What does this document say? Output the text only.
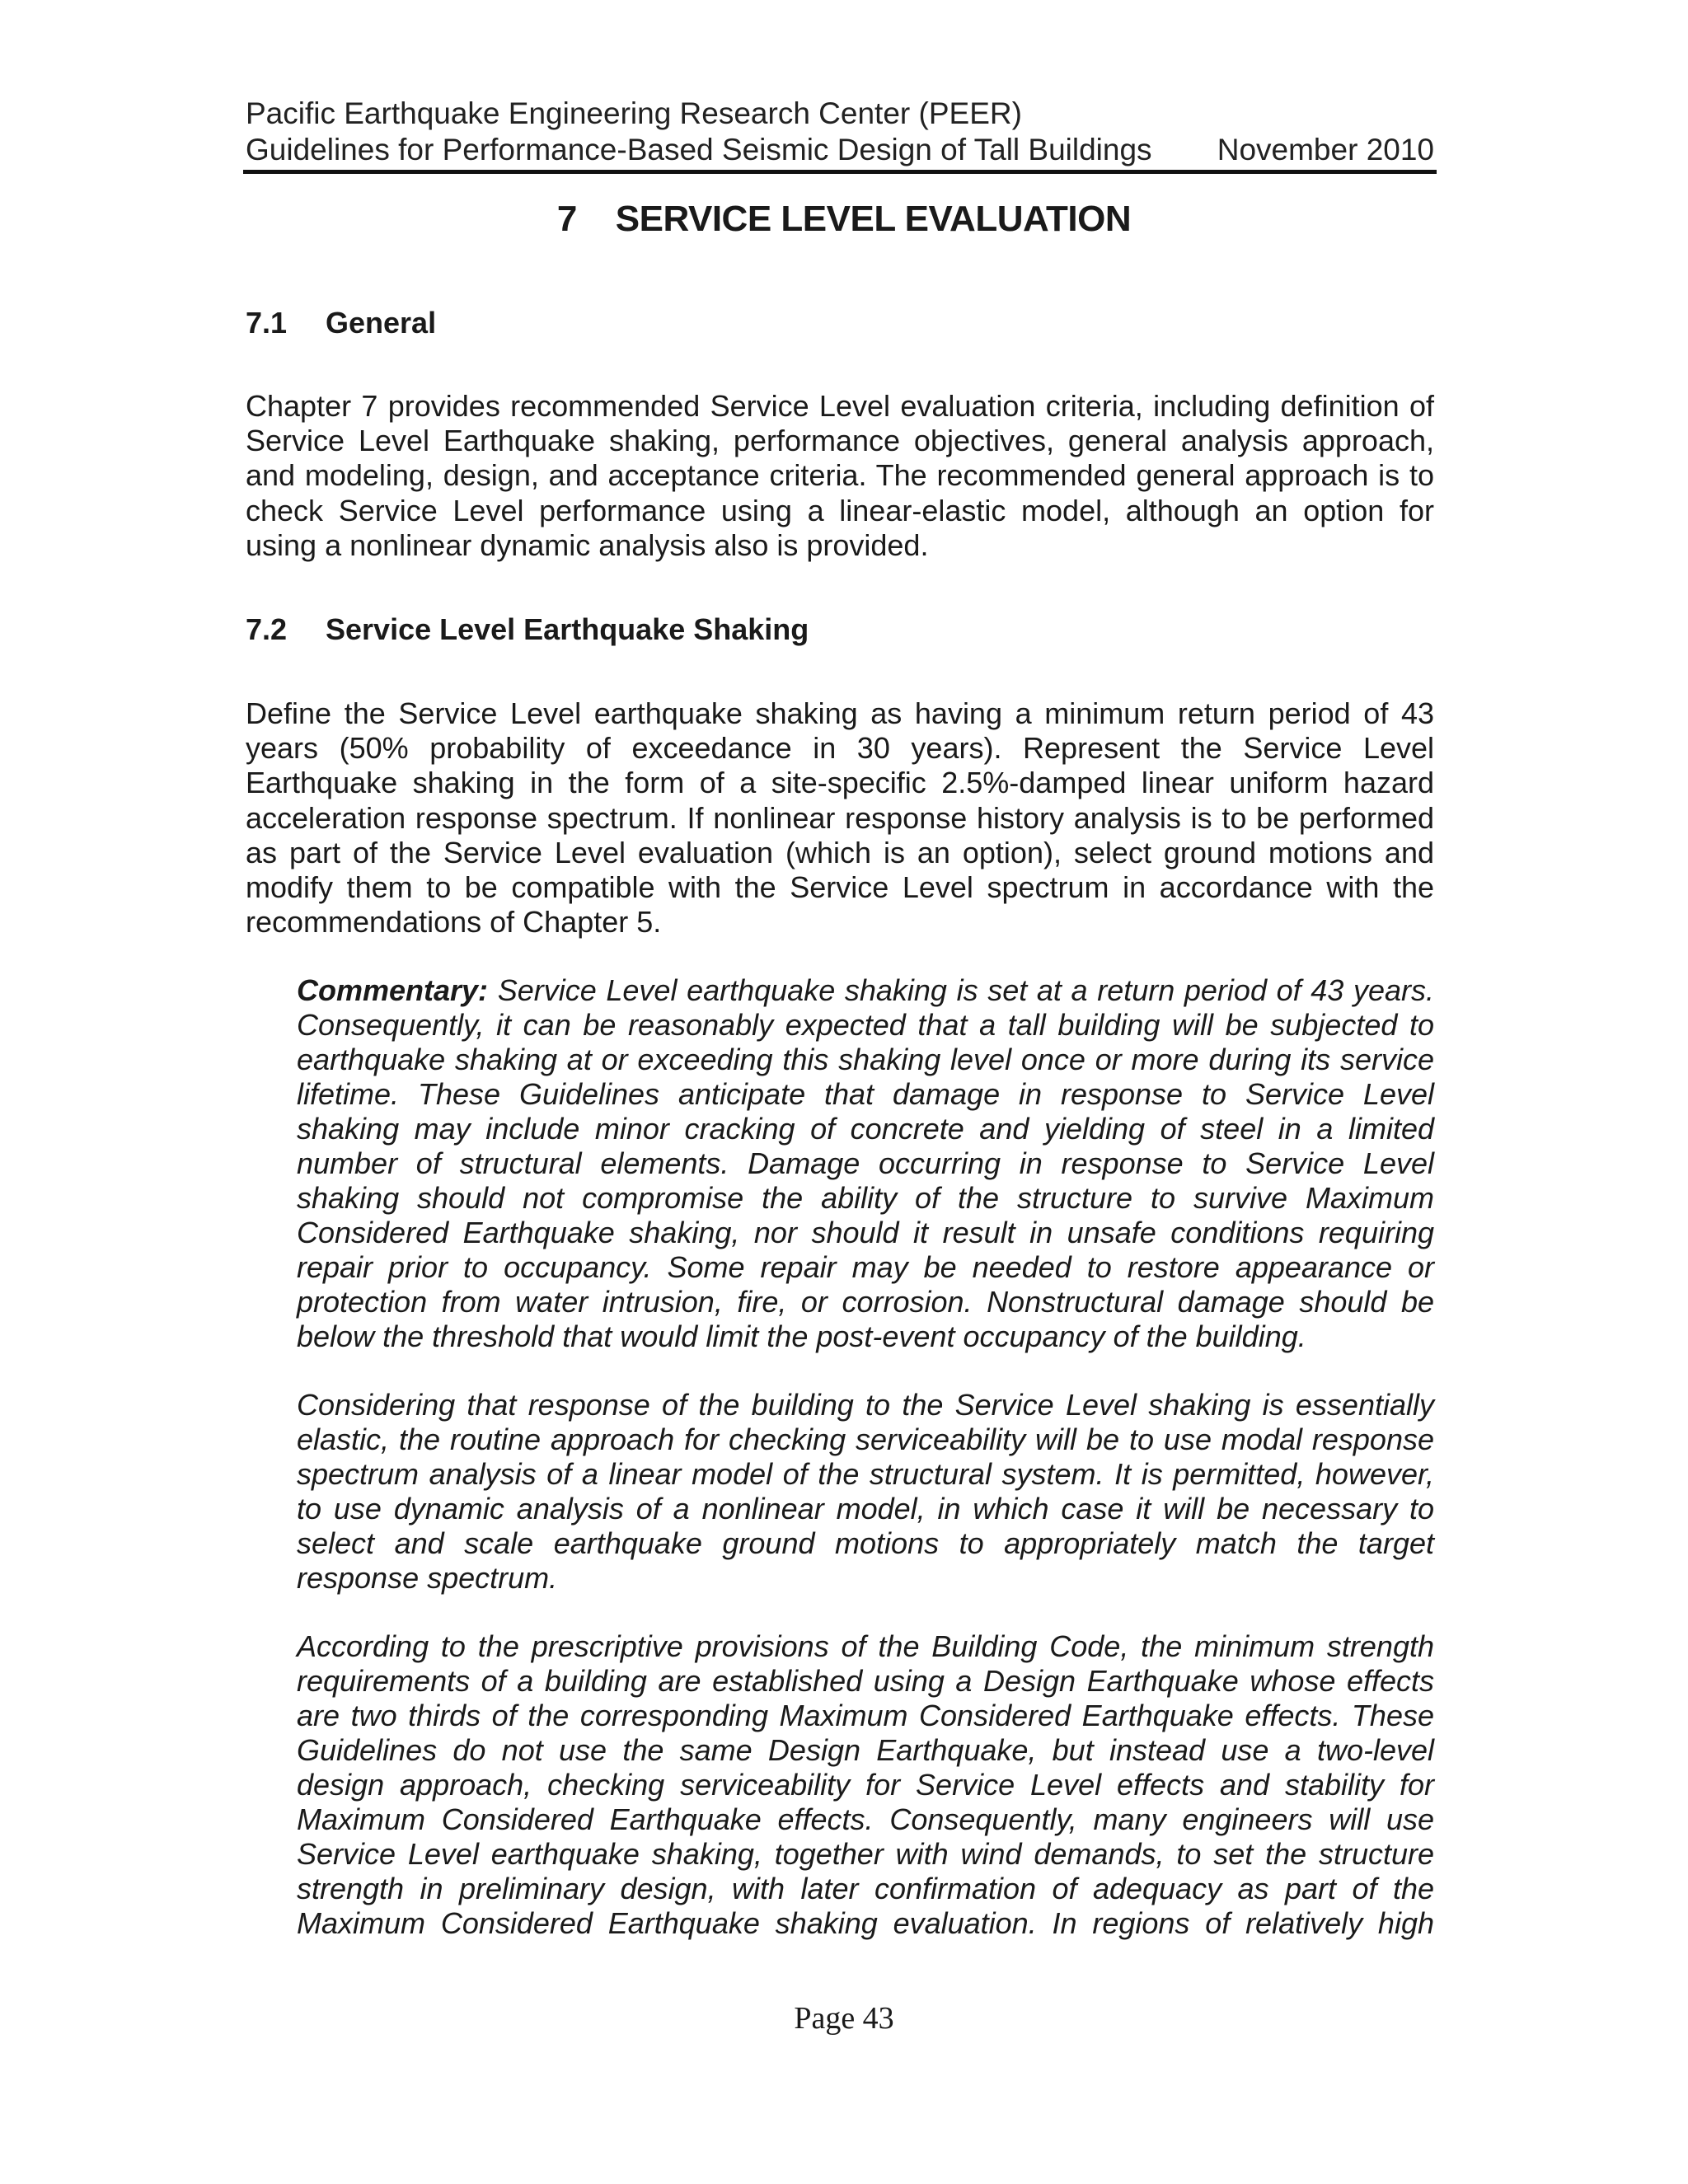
Pacific Earthquake Engineering Research Center (PEER)
Guidelines for Performance-Based Seismic Design of Tall Buildings November 2010
7 SERVICE LEVEL EVALUATION
7.1 General

Chapter 7 provides recommended Service Level evaluation criteria, including definition of Service Level Earthquake shaking, performance objectives, general analysis approach, and modeling, design, and acceptance criteria. The recommended general approach is to check Service Level performance using a linear-elastic model, although an option for using a nonlinear dynamic analysis also is provided.

7.2 Service Level Earthquake Shaking

Define the Service Level earthquake shaking as having a minimum return period of 43 years (50% probability of exceedance in 30 years). Represent the Service Level Earthquake shaking in the form of a site-specific 2.5%-damped linear uniform hazard acceleration response spectrum. If nonlinear response history analysis is to be performed as part of the Service Level evaluation (which is an option), select ground motions and modify them to be compatible with the Service Level spectrum in accordance with the recommendations of Chapter 5.

Commentary: Service Level earthquake shaking is set at a return period of 43 years. Consequently, it can be reasonably expected that a tall building will be subjected to earthquake shaking at or exceeding this shaking level once or more during its service lifetime. These Guidelines anticipate that damage in response to Service Level shaking may include minor cracking of concrete and yielding of steel in a limited number of structural elements. Damage occurring in response to Service Level shaking should not compromise the ability of the structure to survive Maximum Considered Earthquake shaking, nor should it result in unsafe conditions requiring repair prior to occupancy. Some repair may be needed to restore appearance or protection from water intrusion, fire, or corrosion. Nonstructural damage should be below the threshold that would limit the post-event occupancy of the building.

Considering that response of the building to the Service Level shaking is essentially elastic, the routine approach for checking serviceability will be to use modal response spectrum analysis of a linear model of the structural system. It is permitted, however, to use dynamic analysis of a nonlinear model, in which case it will be necessary to select and scale earthquake ground motions to appropriately match the target response spectrum.

According to the prescriptive provisions of the Building Code, the minimum strength requirements of a building are established using a Design Earthquake whose effects are two thirds of the corresponding Maximum Considered Earthquake effects. These Guidelines do not use the same Design Earthquake, but instead use a two-level design approach, checking serviceability for Service Level effects and stability for Maximum Considered Earthquake effects. Consequently, many engineers will use Service Level earthquake shaking, together with wind demands, to set the structure strength in preliminary design, with later confirmation of adequacy as part of the Maximum Considered Earthquake shaking evaluation. In regions of relatively high

Page 43
